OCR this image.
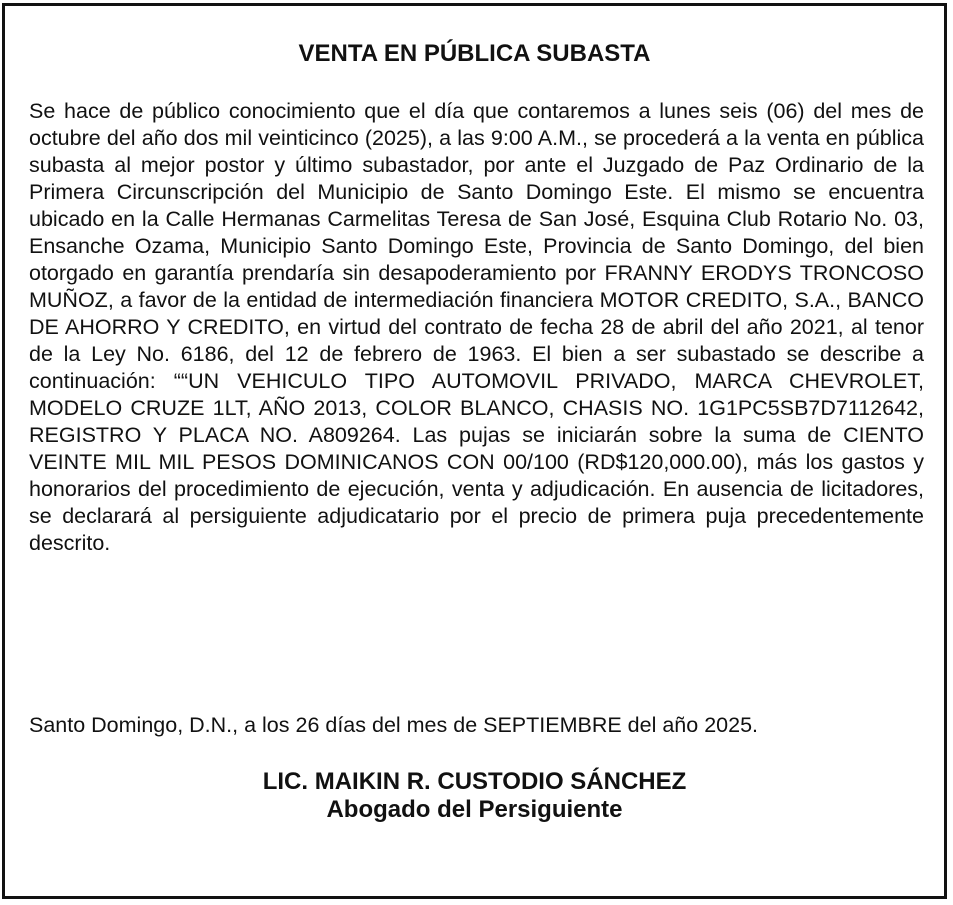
VENTA EN PÚBLICA SUBASTA

Se hace de público conocimiento que el día que contaremos a lunes seis (06) del mes de octubre del año dos mil veinticinco (2025), a las 9:00 A.M., se procederá a la venta en pública subasta al mejor postor y último subastador, por ante el Juzgado de Paz Ordinario de la Primera Circunscripción del Municipio de Santo Domingo Este. El mismo se encuentra ubicado en la Calle Hermanas Carmelitas Teresa de San José, Esquina Club Rotario No. 03, Ensanche Ozama, Municipio Santo Domingo Este, Provincia de Santo Domingo, del bien otorgado en garantía prendaría sin desapoderamiento por FRANNY ERODYS TRONCOSO MUÑOZ, a favor de la entidad de intermediación financiera MOTOR CREDITO, S.A., BANCO DE AHORRO Y CREDITO, en virtud del contrato de fecha 28 de abril del año 2021, al tenor de la Ley No. 6186, del 12 de febrero de 1963. El bien a ser subastado se describe a continuación: ““UN VEHICULO TIPO AUTOMOVIL PRIVADO, MARCA CHEVROLET, MODELO CRUZE 1LT, AÑO 2013, COLOR BLANCO, CHASIS NO. 1G1PC5SB7D7112642, REGISTRO Y PLACA NO. A809264. Las pujas se iniciarán sobre la suma de CIENTO VEINTE MIL MIL PESOS DOMINICANOS CON 00/100 (RD$120,000.00), más los gastos y honorarios del procedimiento de ejecución, venta y adjudicación. En ausencia de licitadores, se declarará al persiguiente adjudicatario por el precio de primera puja precedentemente descrito.

Santo Domingo, D.N., a los 26 días del mes de SEPTIEMBRE del año 2025.

LIC. MAIKIN R. CUSTODIO SÁNCHEZ

Abogado del Persiguiente
